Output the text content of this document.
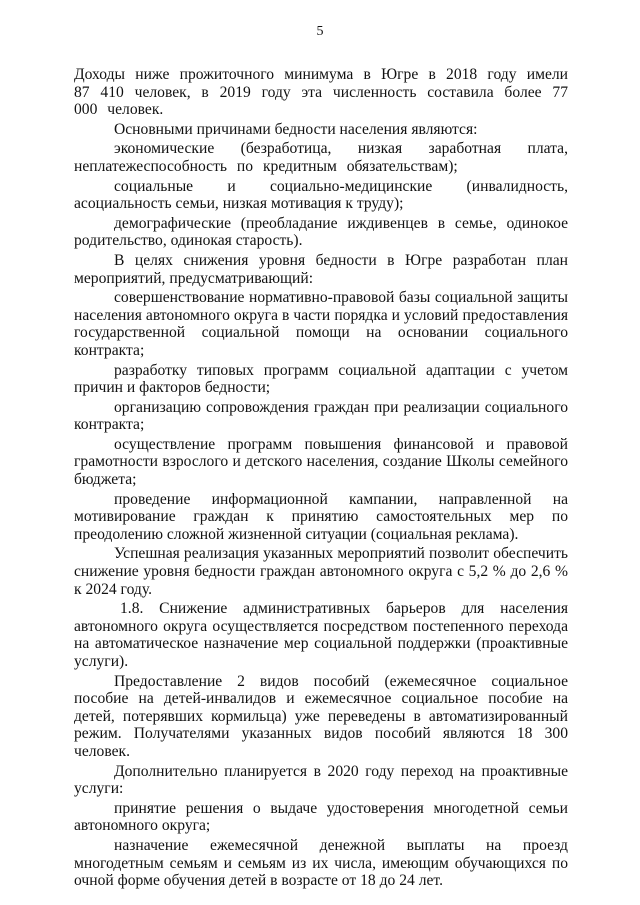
5

Доходы ниже прожиточного минимума в Югре в 2018 году имели 87 410 человек, в 2019 году эта численность составила более 77 000 человек.

Основными причинами бедности населения являются:

экономические (безработица, низкая заработная плата, неплатежеспособность по кредитным обязательствам);

социальные и социально-медицинские (инвалидность, асоциальность семьи, низкая мотивация к труду);

демографические (преобладание иждивенцев в семье, одинокое родительство, одинокая старость).

В целях снижения уровня бедности в Югре разработан план мероприятий, предусматривающий:

совершенствование нормативно-правовой базы социальной защиты населения автономного округа в части порядка и условий предоставления государственной социальной помощи на основании социального контракта;

разработку типовых программ социальной адаптации с учетом причин и факторов бедности;

организацию сопровождения граждан при реализации социального контракта;

осуществление программ повышения финансовой и правовой грамотности взрослого и детского населения, создание Школы семейного бюджета;

проведение информационной кампании, направленной на мотивирование граждан к принятию самостоятельных мер по преодолению сложной жизненной ситуации (социальная реклама).

Успешная реализация указанных мероприятий позволит обеспечить снижение уровня бедности граждан автономного округа с 5,2 % до 2,6 % к 2024 году.

1.8. Снижение административных барьеров для населения автономного округа осуществляется посредством постепенного перехода на автоматическое назначение мер социальной поддержки (проактивные услуги).

Предоставление 2 видов пособий (ежемесячное социальное пособие на детей-инвалидов и ежемесячное социальное пособие на детей, потерявших кормильца) уже переведены в автоматизированный режим. Получателями указанных видов пособий являются 18 300 человек.

Дополнительно планируется в 2020 году переход на проактивные услуги:

принятие решения о выдаче удостоверения многодетной семьи автономного округа;

назначение ежемесячной денежной выплаты на проезд многодетным семьям и семьям из их числа, имеющим обучающихся по очной форме обучения детей в возрасте от 18 до 24 лет.
